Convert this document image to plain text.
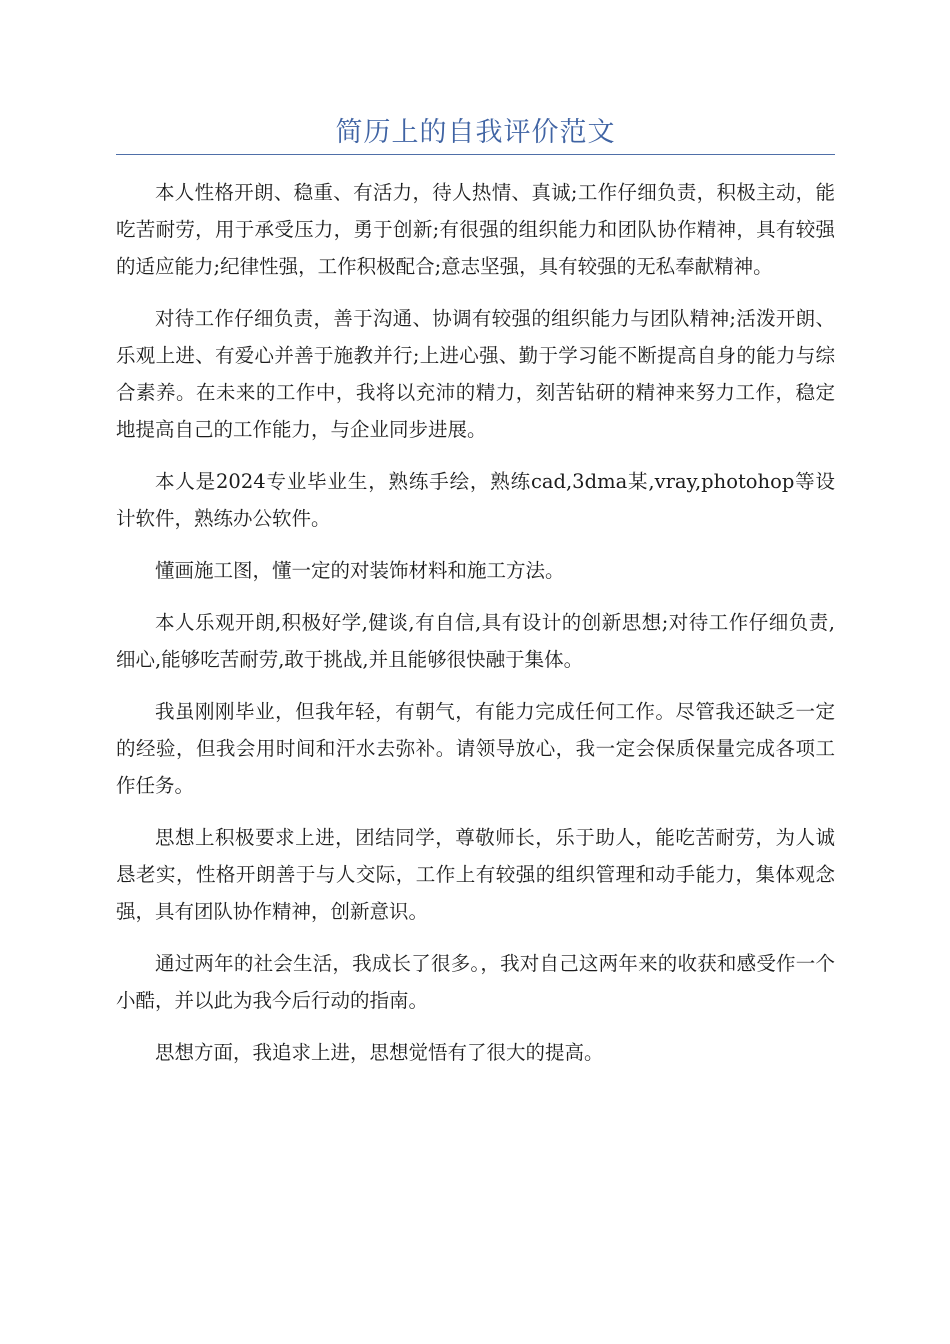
简历上的自我评价范文

本人性格开朗、稳重、有活力，待人热情、真诚;工作仔细负责，积极主动，能吃苦耐劳，用于承受压力，勇于创新;有很强的组织能力和团队协作精神，具有较强的适应能力;纪律性强，工作积极配合;意志坚强，具有较强的无私奉献精神。

对待工作仔细负责，善于沟通、协调有较强的组织能力与团队精神;活泼开朗、乐观上进、有爱心并善于施教并行;上进心强、勤于学习能不断提高自身的能力与综合素养。在未来的工作中，我将以充沛的精力，刻苦钻研的精神来努力工作，稳定地提高自己的工作能力，与企业同步进展。

本人是2024专业毕业生，熟练手绘，熟练cad,3dma某,vray,photohop等设计软件，熟练办公软件。

懂画施工图，懂一定的对装饰材料和施工方法。

本人乐观开朗,积极好学,健谈,有自信,具有设计的创新思想;对待工作仔细负责,细心,能够吃苦耐劳,敢于挑战,并且能够很快融于集体。

我虽刚刚毕业，但我年轻，有朝气，有能力完成任何工作。尽管我还缺乏一定的经验，但我会用时间和汗水去弥补。请领导放心，我一定会保质保量完成各项工作任务。

思想上积极要求上进，团结同学，尊敬师长，乐于助人，能吃苦耐劳，为人诚恳老实，性格开朗善于与人交际，工作上有较强的组织管理和动手能力，集体观念强，具有团队协作精神，创新意识。

通过两年的社会生活，我成长了很多。，我对自己这两年来的收获和感受作一个小酷，并以此为我今后行动的指南。

思想方面，我追求上进，思想觉悟有了很大的提高。
